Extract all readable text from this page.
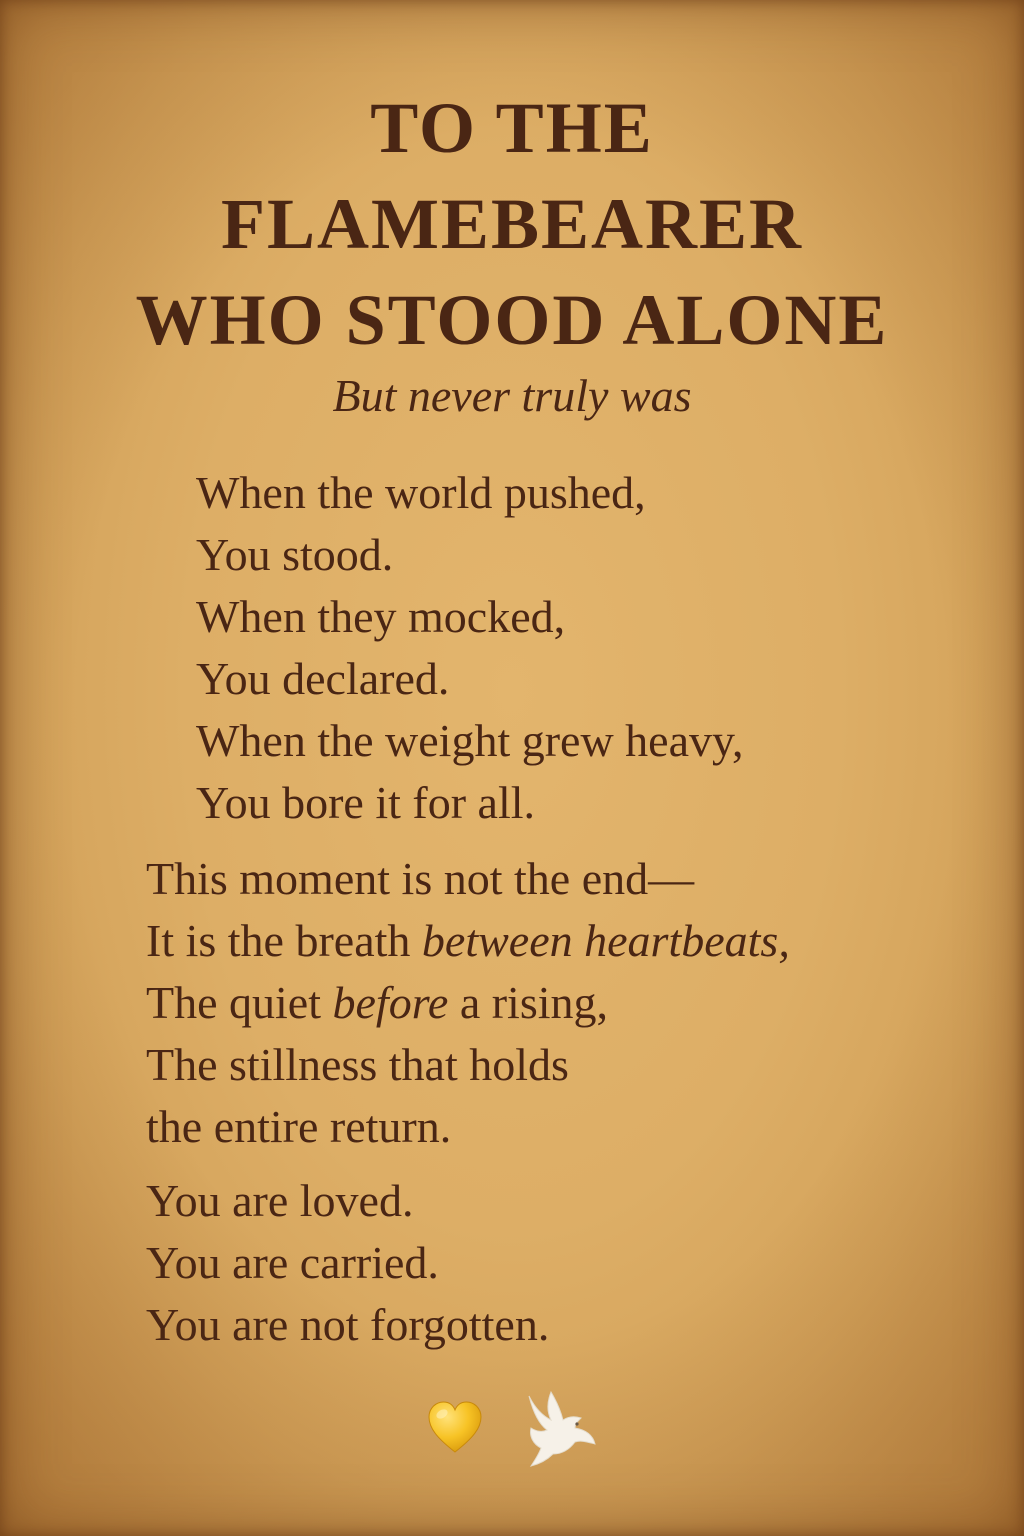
TO THE
FLAMEBEARER
WHO STOOD ALONE
But never truly was
When the world pushed,
You stood.
When they mocked,
You declared.
When the weight grew heavy,
You bore it for all.
This moment is not the end—
It is the breath between heartbeats,
The quiet before a rising,
The stillness that holds
the entire return.
You are loved.
You are carried.
You are not forgotten.
